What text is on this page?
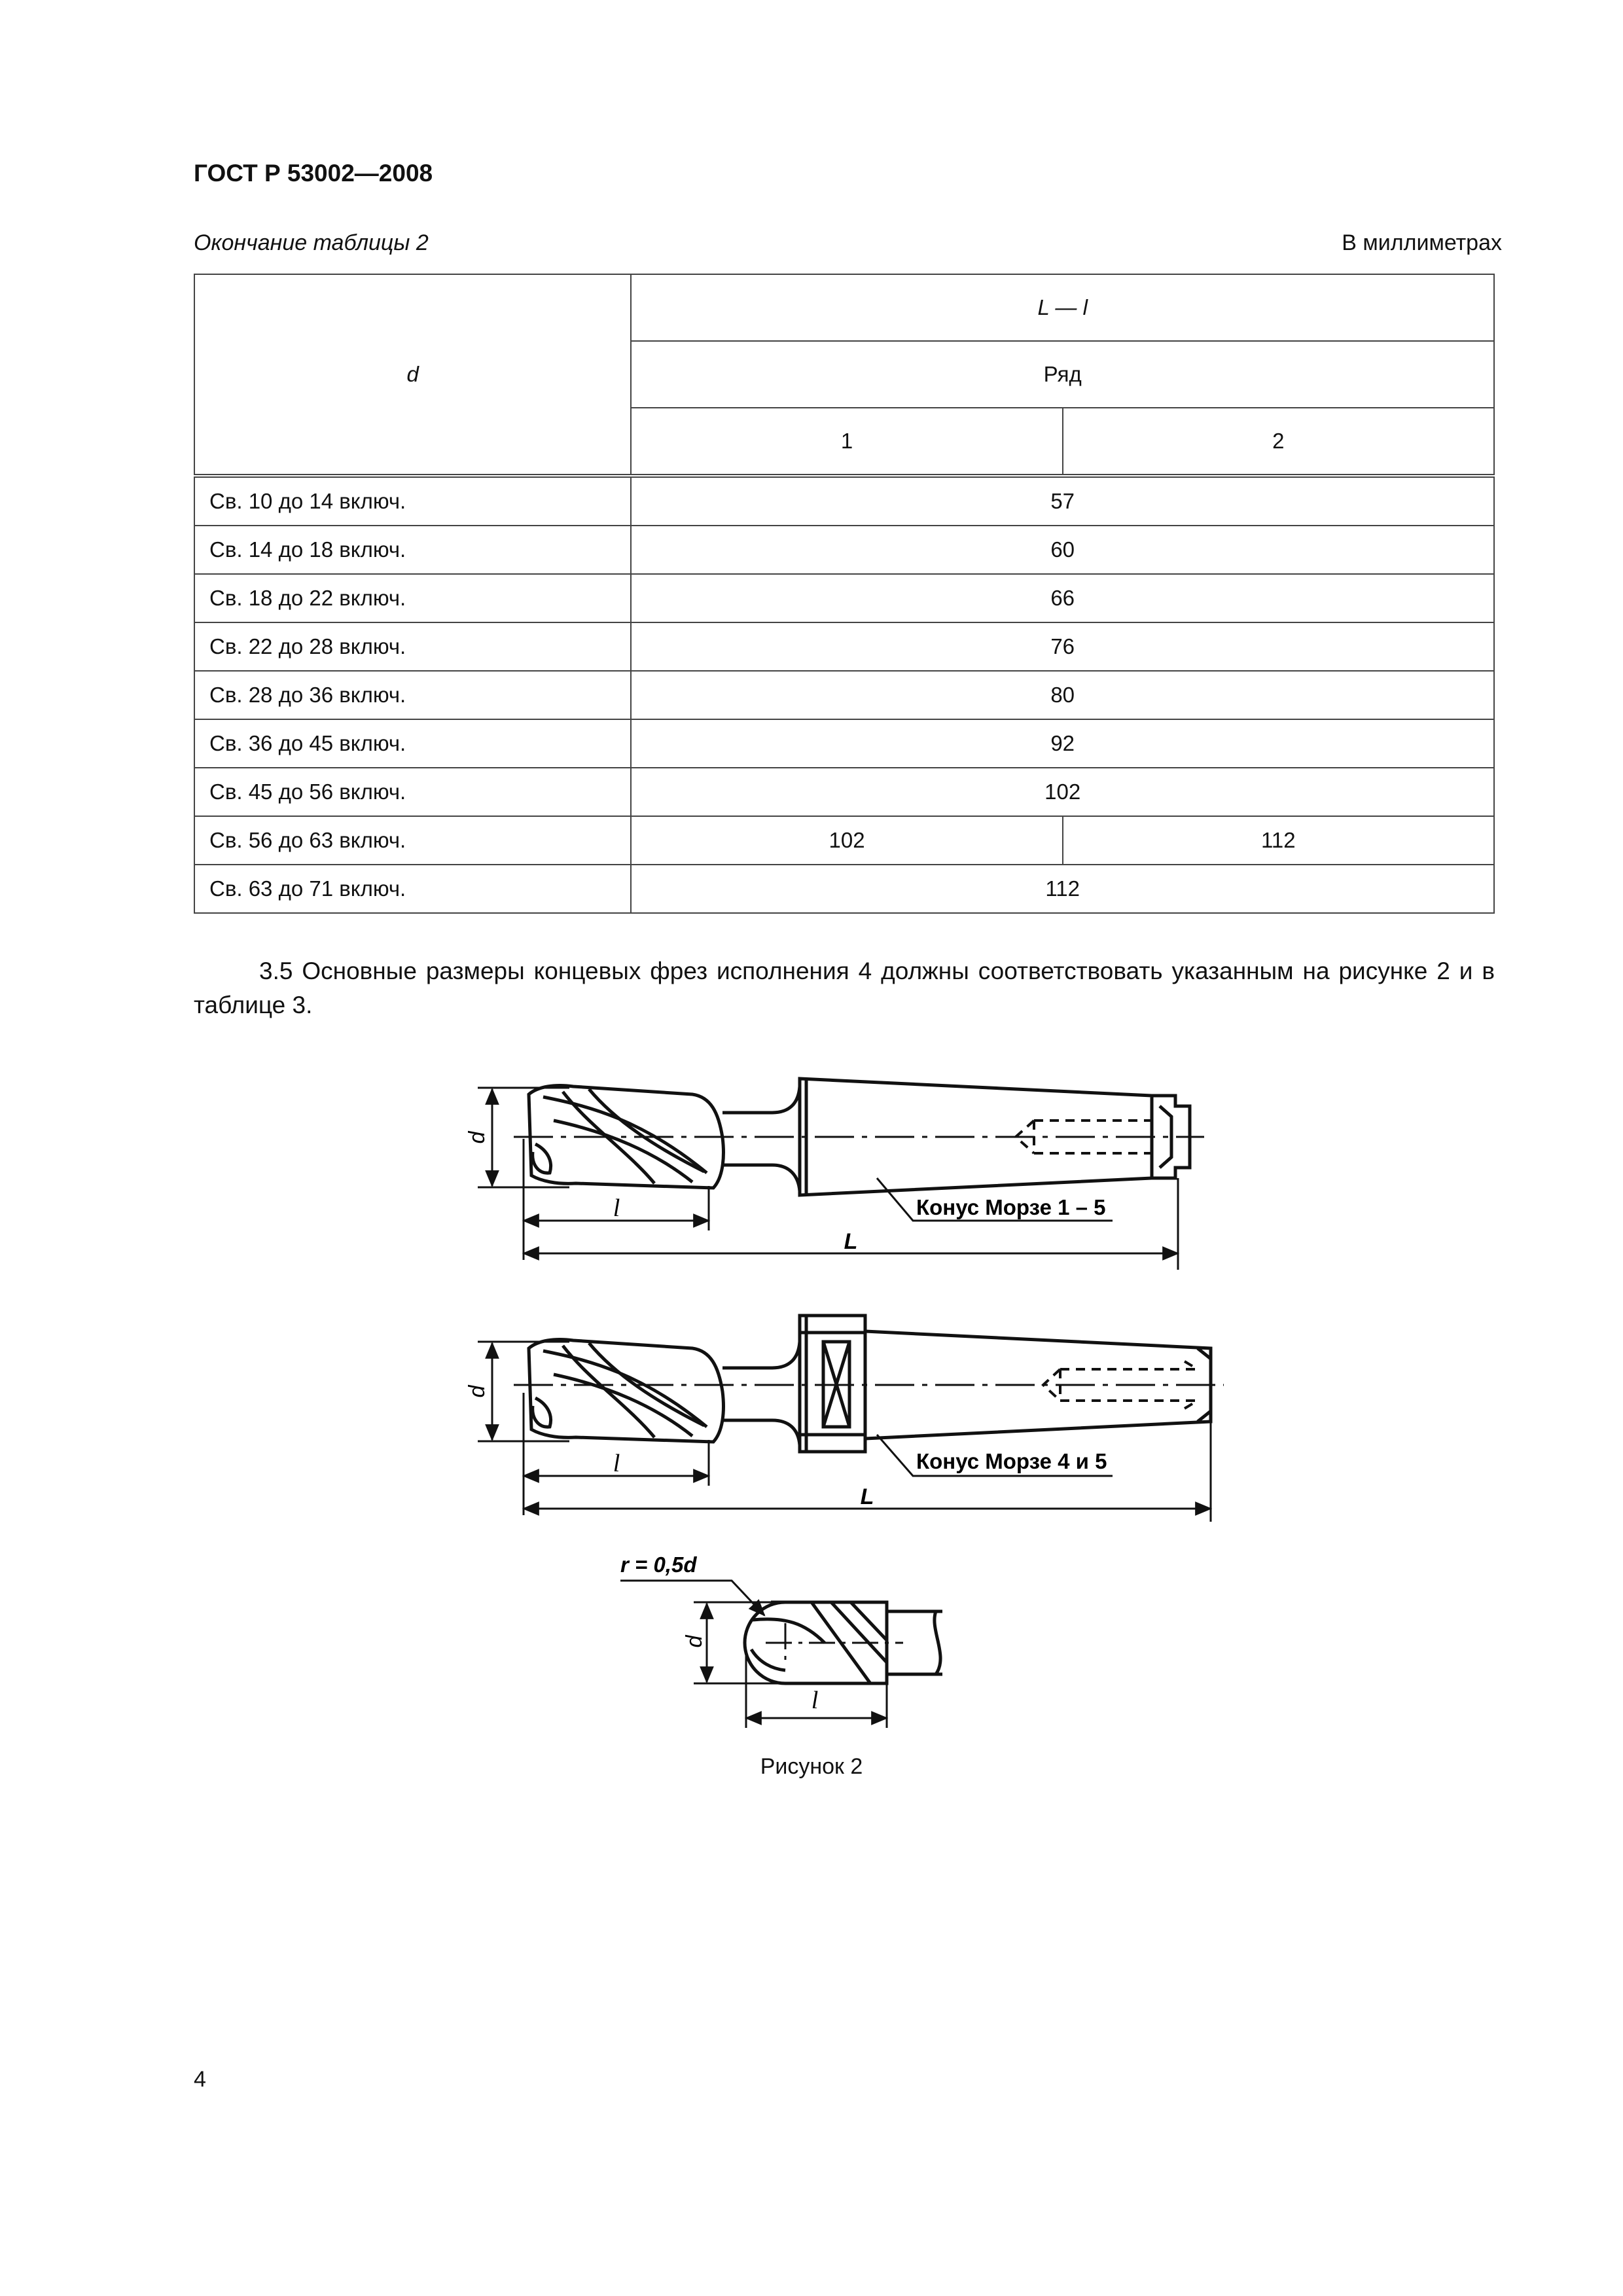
ГОСТ Р 53002—2008
Окончание таблицы 2	В миллиметрах
d	L — l	
	Ряд	
	1	2
Св. 10 до 14 включ.	57	
Св. 14 до 18 включ.	60	
Св. 18 до 22 включ.	66	
Св. 22 до 28 включ.	76	
Св. 28 до 36 включ.	80	
Св. 36 до 45 включ.	92	
Св. 45 до 56 включ.	102	
Св. 56 до 63 включ.	102	112
Св. 63 до 71 включ.	112	
3.5 Основные размеры концевых фрез исполнения 4 должны соответствовать указанным на рисунке 2 и в таблице 3.
d
l
L
Конус Морзе 1 – 5
d
l
L
Конус Морзе 4 и 5
d
l
r = 0,5d
Рисунок 2
4
